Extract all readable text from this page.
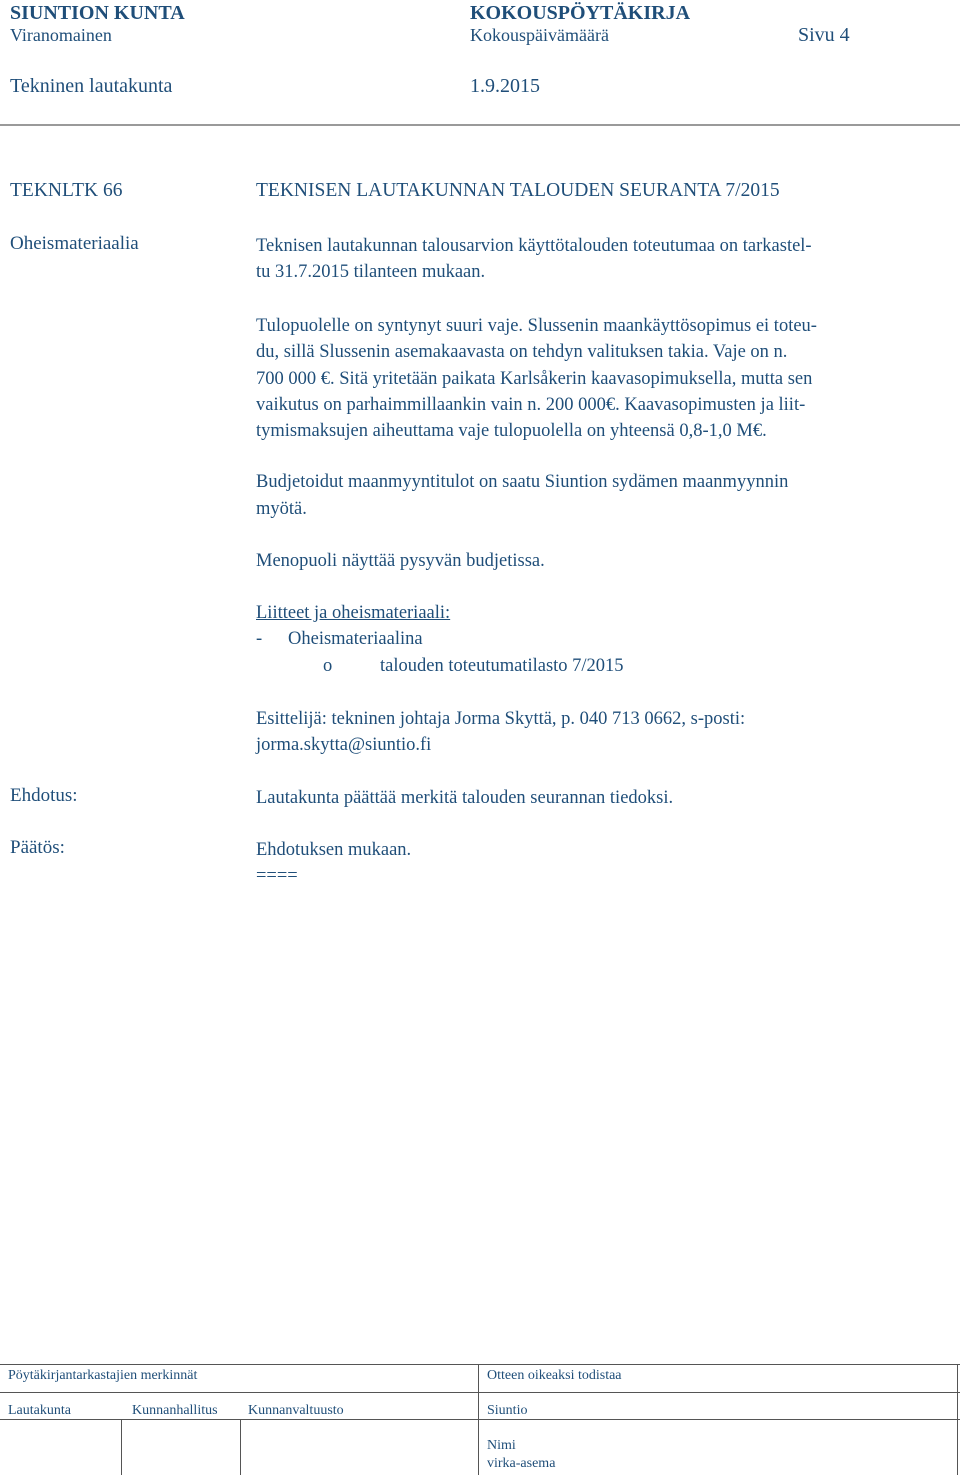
SIUNTION KUNTA	KOKOUSPÖYTÄKIRJA
Viranomainen	Kokouspäivämäärä	Sivu 4
Tekninen lautakunta	1.9.2015
TEKNLTK 66	TEKNISEN LAUTAKUNNAN TALOUDEN SEURANTA 7/2015
Oheismateriaalia	Teknisen lautakunnan talousarvion käyttötalouden toteutumaa on tarkastel-
tu 31.7.2015 tilanteen mukaan.
Tulopuolelle on syntynyt suuri vaje. Slussenin maankäyttösopimus ei toteu-
du, sillä Slussenin asemakaavasta on tehdyn valituksen takia. Vaje on n.
700 000 €. Sitä yritetään paikata Karlsåkerin kaavasopimuksella, mutta sen
vaikutus on parhaimmillaankin vain n. 200 000€. Kaavasopimusten ja liit-
tymismaksujen aiheuttama vaje tulopuolella on yhteensä 0,8-1,0 M€.
Budjetoidut maanmyyntitulot on saatu Siuntion sydämen maanmyynnin
myötä.
Menopuoli näyttää pysyvän budjetissa.
Liitteet ja oheismateriaali:
- Oheismateriaalina
o	talouden toteutumatilasto 7/2015
Esittelijä: tekninen johtaja Jorma Skyttä, p. 040 713 0662, s-posti:
jorma.skytta@siuntio.fi
Ehdotus:	Lautakunta päättää merkitä talouden seurannan tiedoksi.
Päätös:	Ehdotuksen mukaan.
====
Pöytäkirjantarkastajien merkinnät	Otteen oikeaksi todistaa
Lautakunta	Kunnanhallitus Kunnanvaltuusto	Siuntio
Nimi
virka-asema
